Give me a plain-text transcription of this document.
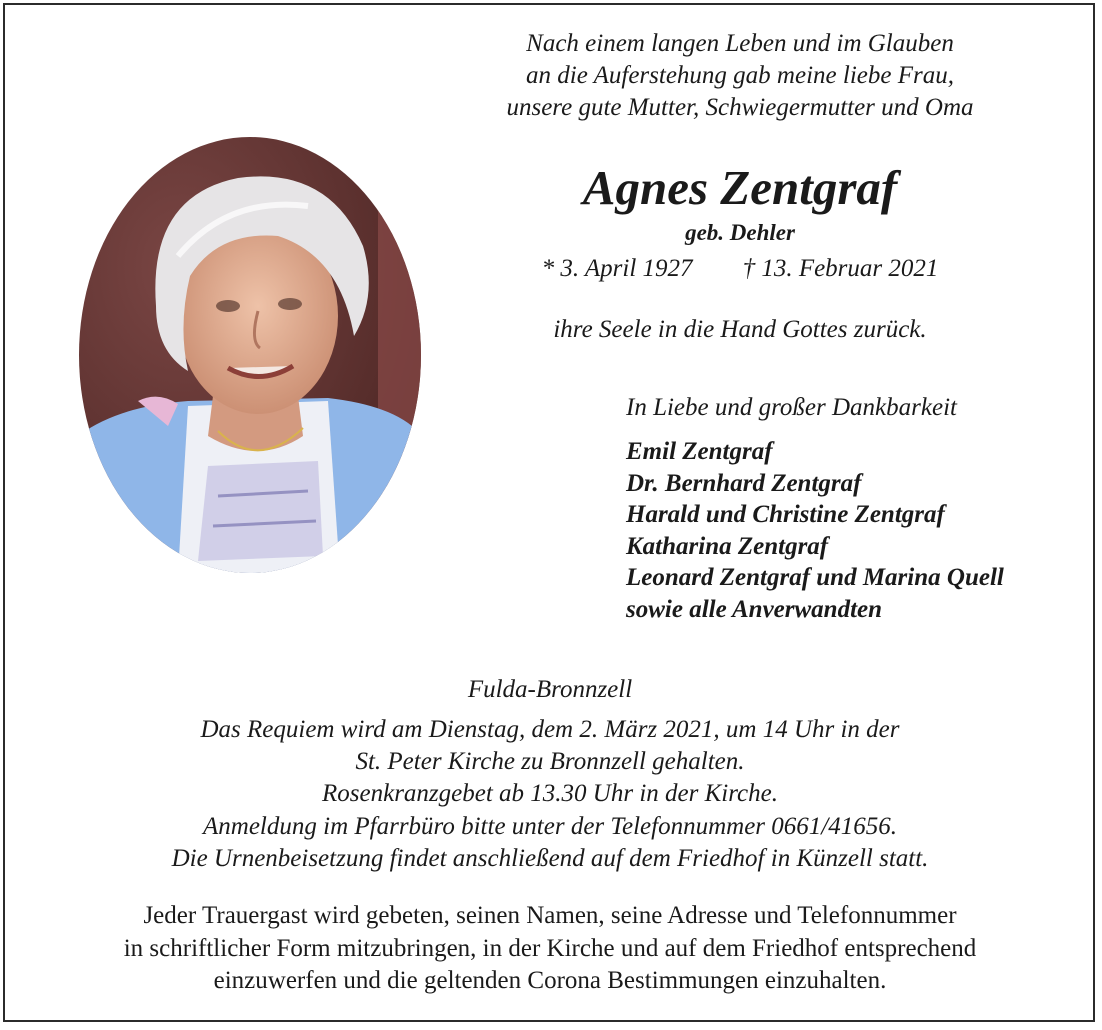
Nach einem langen Leben und im Glauben
an die Auferstehung gab meine liebe Frau,
unsere gute Mutter, Schwiegermutter und Oma
Agnes Zentgraf
geb. Dehler
* 3. April 1927 † 13. Februar 2021
ihre Seele in die Hand Gottes zurück.
In Liebe und großer Dankbarkeit
Emil Zentgraf
Dr. Bernhard Zentgraf
Harald und Christine Zentgraf
Katharina Zentgraf
Leonard Zentgraf und Marina Quell
sowie alle Anverwandten
Fulda-Bronnzell
Das Requiem wird am Dienstag, dem 2. März 2021, um 14 Uhr in der
St. Peter Kirche zu Bronnzell gehalten.
Rosenkranzgebet ab 13.30 Uhr in der Kirche.
Anmeldung im Pfarrbüro bitte unter der Telefonnummer 0661/41656.
Die Urnenbeisetzung findet anschließend auf dem Friedhof in Künzell statt.
Jeder Trauergast wird gebeten, seinen Namen, seine Adresse und Telefonnummer
in schriftlicher Form mitzubringen, in der Kirche und auf dem Friedhof entsprechend
einzuwerfen und die geltenden Corona Bestimmungen einzuhalten.
